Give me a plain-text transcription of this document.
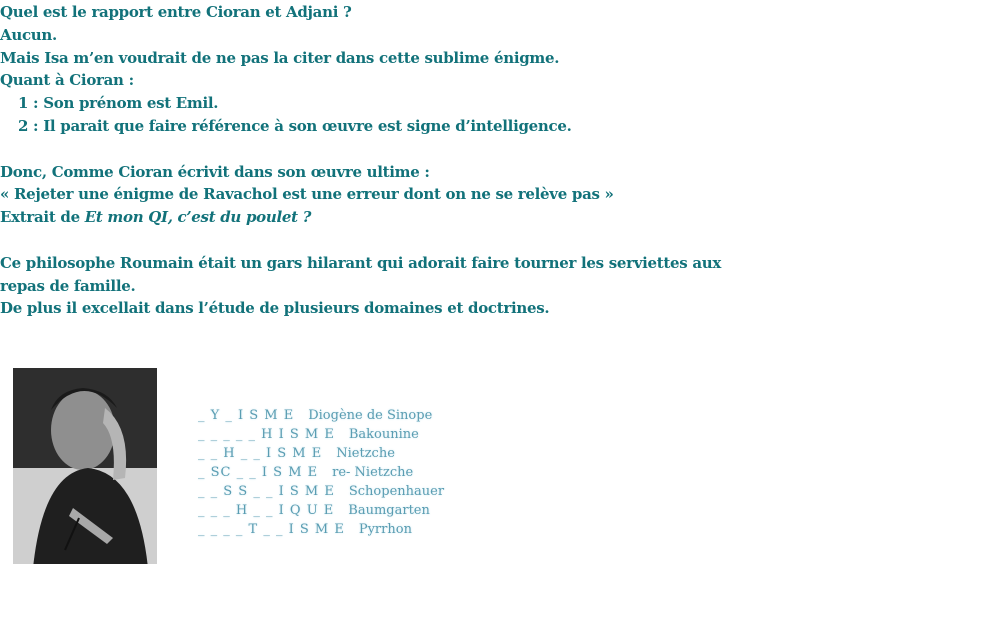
Quel est le rapport entre Cioran et Adjani ?
Aucun.
Mais Isa m’en voudrait de ne pas la citer dans cette sublime énigme.
Quant à Cioran :
1 : Son prénom est Emil.
2 : Il parait que faire référence à son œuvre est signe d’intelligence.
Donc, Comme Cioran écrivit dans son œuvre ultime :
« Rejeter une énigme de Ravachol est une erreur dont on ne se relève pas »
Extrait de Et mon QI, c’est du poulet ?
Ce philosophe Roumain était un gars hilarant qui adorait faire tourner les serviettes aux
repas de famille.
De plus il excellait dans l’étude de plusieurs domaines et doctrines.
_ Y _ I S M E Diogène de Sinope
_ _ _ _ _ H I S M E Bakounine
_ _ H _ _ I S M E Nietzche
_ SC _ _ I S M E re- Nietzche
_ _ S S _ _ I S M E Schopenhauer
_ _ _ H _ _ I Q U E Baumgarten
_ _ _ _ T _ _ I S M E Pyrrhon
